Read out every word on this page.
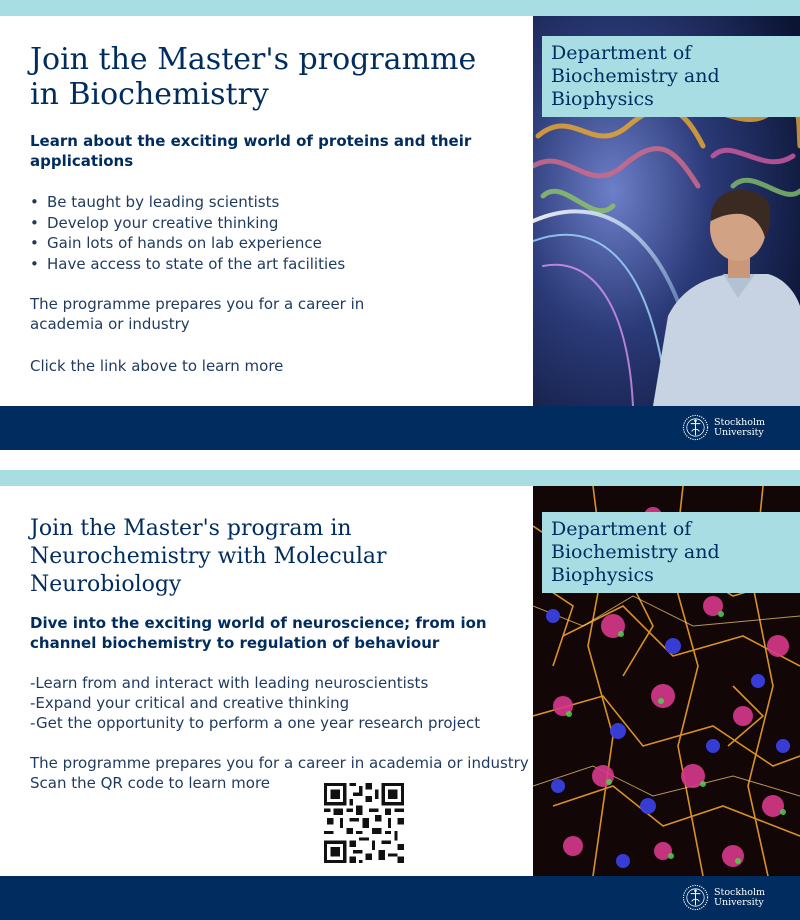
Department of Biochemistry and Biophysics
Join the Master's programme in Biochemistry

Learn about the exciting world of proteins and their applications

• Be taught by leading scientists
• Develop your creative thinking
• Gain lots of hands on lab experience
• Have access to state of the art facilities

The programme prepares you for a career in academia or industry

Click the link above to learn more

Stockholm University
Department of Biochemistry and Biophysics
Join the Master's program in Neurochemistry with Molecular Neurobiology

Dive into the exciting world of neuroscience; from ion channel biochemistry to regulation of behaviour

-Learn from and interact with leading neuroscientists

-Expand your critical and creative thinking

-Get the opportunity to perform a one year research project

The programme prepares you for a career in academia or industry

Scan the QR code to learn more

Stockholm University
